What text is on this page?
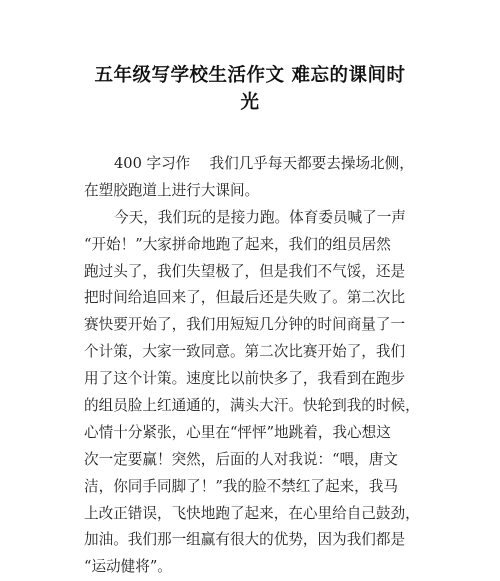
五年级写学校生活作文 难忘的课间时
光
400 字习作　 我们几乎每天都要去操场北侧，
在塑胶跑道上进行大课间。
今天，我们玩的是接力跑。体育委员喊了一声
“开始！”大家拼命地跑了起来，我们的组员居然
跑过头了，我们失望极了，但是我们不气馁，还是
把时间给追回来了，但最后还是失败了。第二次比
赛快要开始了，我们用短短几分钟的时间商量了一
个计策，大家一致同意。第二次比赛开始了，我们
用了这个计策。速度比以前快多了，我看到在跑步
的组员脸上红通通的，满头大汗。快轮到我的时候，
心情十分紧张，心里在“怦怦”地跳着，我心想这
次一定要赢！突然，后面的人对我说：“喂，唐文
洁，你同手同脚了！”我的脸不禁红了起来，我马
上改正错误，飞快地跑了起来，在心里给自己鼓劲，
加油。我们那一组赢有很大的优势，因为我们都是
“运动健将”。
